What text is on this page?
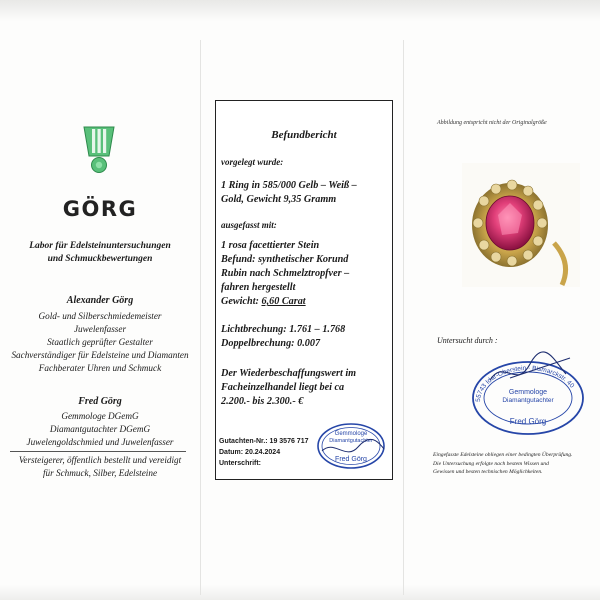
GÖRG
Labor für Edelsteinuntersuchungen
und Schmuckbewertungen
Alexander Görg
Gold- und Silberschmiedemeister
Juwelenfasser
Staatlich geprüfter Gestalter
Sachverständiger für Edelsteine und Diamanten
Fachberater Uhren und Schmuck
Fred Görg
Gemmologe DGemG
Diamantgutachter DGemG
Juwelengoldschmied und Juwelenfasser
Versteigerer, öffentlich bestellt und vereidigt
für Schmuck, Silber, Edelsteine
Befundbericht
vorgelegt wurde:
1 Ring in 585/000 Gelb – Weiß –
Gold, Gewicht 9,35 Gramm
ausgefasst mit:
1 rosa facettierter Stein
Befund: synthetischer Korund
Rubin nach Schmelztropfver –
fahren hergestellt
Gewicht: 6,60 Carat
Lichtbrechung: 1.761 – 1.768
Doppelbrechung: 0.007
Der Wiederbeschaffungswert im
Facheinzelhandel liegt bei ca
2.200.- bis 2.300.- €
Gutachten-Nr.: 19 3576 717
Datum: 20.24.2024
Unterschrift:
Gemmologe
Diamantgutachter
Fred Görg
Abbildung entspricht nicht der Originalgröße
Untersucht durch :
55743 Idar-Oberstein · Bismarckstr. 40
Gemmologe
Diamantgutachter
Fred Görg
Eingefasste Edelsteine obliegen einer bedingten Überprüfung.
Die Untersuchung erfolgte nach bestem Wissen und
Gewissen und besten technischen Möglichkeiten.
